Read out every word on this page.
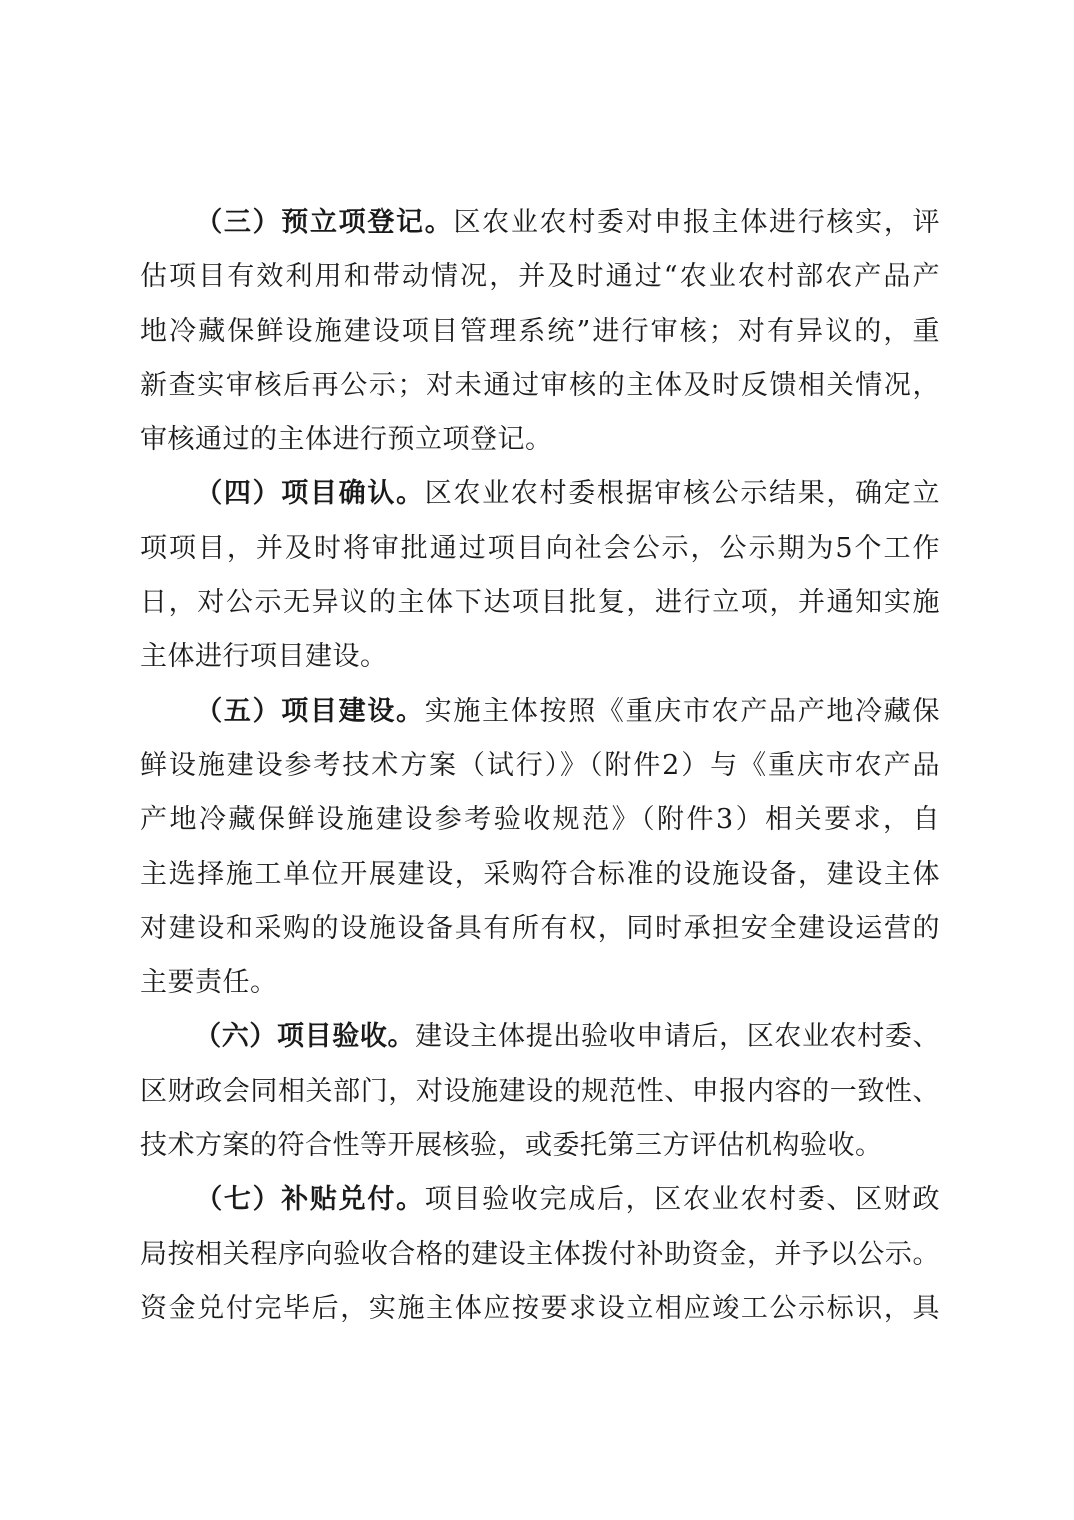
（三）预立项登记。区农业农村委对申报主体进行核实，评
估项目有效利用和带动情况，并及时通过“农业农村部农产品产
地冷藏保鲜设施建设项目管理系统”进行审核；对有异议的，重
新查实审核后再公示；对未通过审核的主体及时反馈相关情况，
审核通过的主体进行预立项登记。
（四）项目确认。区农业农村委根据审核公示结果，确定立
项项目，并及时将审批通过项目向社会公示，公示期为5个工作
日，对公示无异议的主体下达项目批复，进行立项，并通知实施
主体进行项目建设。
（五）项目建设。实施主体按照《重庆市农产品产地冷藏保
鲜设施建设参考技术方案（试行）》（附件2）与《重庆市农产品
产地冷藏保鲜设施建设参考验收规范》（附件3）相关要求，自
主选择施工单位开展建设，采购符合标准的设施设备，建设主体
对建设和采购的设施设备具有所有权，同时承担安全建设运营的
主要责任。
（六）项目验收。建设主体提出验收申请后，区农业农村委、
区财政会同相关部门，对设施建设的规范性、申报内容的一致性、
技术方案的符合性等开展核验，或委托第三方评估机构验收。
（七）补贴兑付。项目验收完成后，区农业农村委、区财政
局按相关程序向验收合格的建设主体拨付补助资金，并予以公示。
资金兑付完毕后，实施主体应按要求设立相应竣工公示标识，具
